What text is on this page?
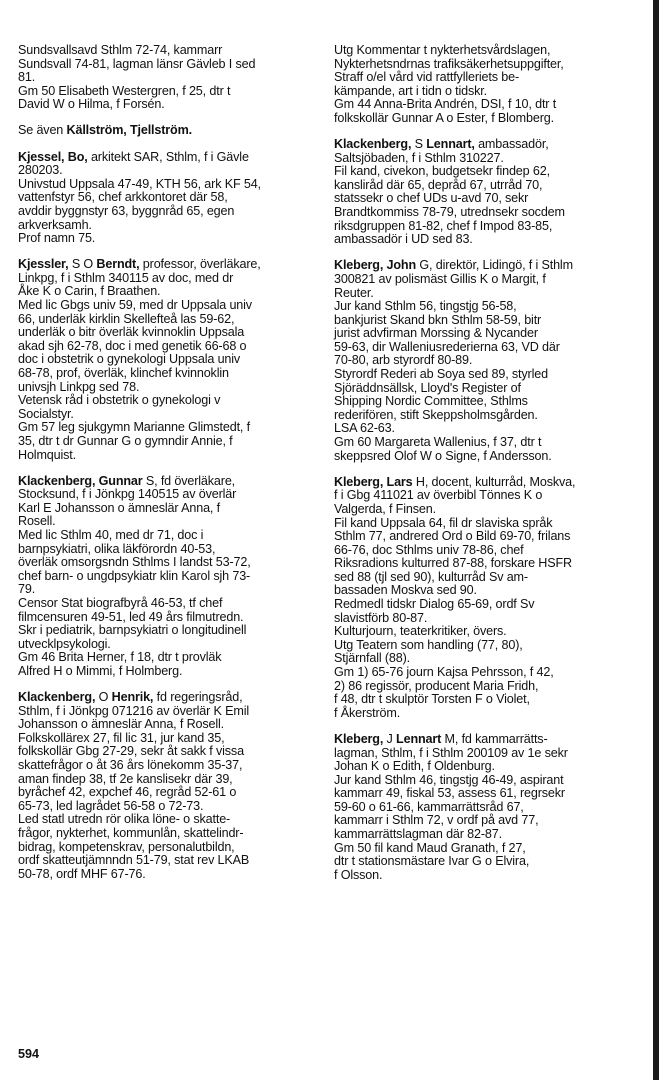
Sundsvallsavd Sthlm 72-74, kammarr
Sundsvall 74-81, lagman länsr Gävleb I sed
81.
Gm 50 Elisabeth Westergren, f 25, dtr t
David W o Hilma, f Forsén.
Se även Källström, Tjellström.
Kjessel, Bo, arkitekt SAR, Sthlm, f i Gävle
280203.
Univstud Uppsala 47-49, KTH 56, ark KF 54,
vattenfstyr 56, chef arkkontoret där 58,
avddir byggnstyr 63, byggnråd 65, egen
arkverksamh.
Prof namn 75.
Kjessler, S O Berndt, professor, överläkare,
Linkpg, f i Sthlm 340115 av doc, med dr
Åke K o Carin, f Braathen.
Med lic Gbgs univ 59, med dr Uppsala univ
66, underläk kirklin Skellefteå las 59-62,
underläk o bitr överläk kvinnoklin Uppsala
akad sjh 62-78, doc i med genetik 66-68 o
doc i obstetrik o gynekologi Uppsala univ
68-78, prof, överläk, klinchef kvinnoklin
univsjh Linkpg sed 78.
Vetensk råd i obstetrik o gynekologi v
Socialstyr.
Gm 57 leg sjukgymn Marianne Glimstedt, f
35, dtr t dr Gunnar G o gymndir Annie, f
Holmquist.
Klackenberg, Gunnar S, fd överläkare,
Stocksund, f i Jönkpg 140515 av överlär
Karl E Johansson o ämneslär Anna, f
Rosell.
Med lic Sthlm 40, med dr 71, doc i
barnpsykiatri, olika läkförordn 40-53,
överläk omsorgsndn Sthlms I landst 53-72,
chef barn- o ungdpsykiatr klin Karol sjh 73-
79.
Censor Stat biografbyrå 46-53, tf chef
filmcensuren 49-51, led 49 års filmutredn.
Skr i pediatrik, barnpsykiatri o longitudinell
utvecklpsykologi.
Gm 46 Brita Herner, f 18, dtr t provläk
Alfred H o Mimmi, f Holmberg.
Klackenberg, O Henrik, fd regeringsråd,
Sthlm, f i Jönkpg 071216 av överlär K Emil
Johansson o ämneslär Anna, f Rosell.
Folkskollärex 27, fil lic 31, jur kand 35,
folkskollär Gbg 27-29, sekr åt sakk f vissa
skattefrågor o åt 36 års lönekomm 35-37,
aman findep 38, tf 2e kanslisekr där 39,
byråchef 42, expchef 46, regråd 52-61 o
65-73, led lagrådet 56-58 o 72-73.
Led statl utredn rör olika löne- o skatte-
frågor, nykterhet, kommunlån, skattelindr-
bidrag, kompetenskrav, personalutbildn,
ordf skatteutjämnndn 51-79, stat rev LKAB
50-78, ordf MHF 67-76.
Utg Kommentar t nykterhetsvårdslagen,
Nykterhetsndrnas trafiksäkerhetsuppgifter,
Straff o/el vård vid rattfylleriets be-
kämpande, art i tidn o tidskr.
Gm 44 Anna-Brita Andrén, DSI, f 10, dtr t
folkskollär Gunnar A o Ester, f Blomberg.
Klackenberg, S Lennart, ambassadör,
Saltsjöbaden, f i Sthlm 310227.
Fil kand, civekon, budgetsekr findep 62,
kanslіråd där 65, depråd 67, utrråd 70,
statssekr o chef UDs u-avd 70, sekr
Brandtkommiss 78-79, utrednsekr socdem
riksdgruppen 81-82, chef f Impod 83-85,
ambassadör i UD sed 83.
Kleberg, John G, direktör, Lidingö, f i Sthlm
300821 av polismäst Gillis K o Margit, f
Reuter.
Jur kand Sthlm 56, tingstjg 56-58,
bankjurist Skand bkn Sthlm 58-59, bitr
jurist advfirman Morssing & Nycander
59-63, dir Walleniusrederierna 63, VD där
70-80, arb styrordf 80-89.
Styrordf Rederi ab Soya sed 89, styrled
Sjöräddnsällsk, Lloyd's Register of
Shipping Nordic Committee, Sthlms
rederifören, stift Skeppsholmsgården.
LSA 62-63.
Gm 60 Margareta Wallenius, f 37, dtr t
skeppsred Olof W o Signe, f Andersson.
Kleberg, Lars H, docent, kulturråd, Moskva,
f i Gbg 411021 av överbibl Tönnes K o
Valgerda, f Finsen.
Fil kand Uppsala 64, fil dr slaviska språk
Sthlm 77, andrered Ord o Bild 69-70, frilans
66-76, doc Sthlms univ 78-86, chef
Riksradions kulturred 87-88, forskare HSFR
sed 88 (tjl sed 90), kulturråd Sv am-
bassaden Moskva sed 90.
Redmedl tidskr Dialog 65-69, ordf Sv
slavistförb 80-87.
Kulturjourn, teaterkritiker, övers.
Utg Teatern som handling (77, 80),
Stjärnfall (88).
Gm 1) 65-76 journ Kajsa Pehrsson, f 42,
2) 86 regissör, producent Maria Fridh,
f 48, dtr t skulptör Torsten F o Violet,
f Åkerström.
Kleberg, J Lennart M, fd kammarrätts-
lagman, Sthlm, f i Sthlm 200109 av 1e sekr
Johan K o Edith, f Oldenburg.
Jur kand Sthlm 46, tingstjg 46-49, aspirant
kammarr 49, fiskal 53, assess 61, regrsekr
59-60 o 61-66, kammarrättsråd 67,
kammarr i Sthlm 72, v ordf på avd 77,
kammarrättslagman där 82-87.
Gm 50 fil kand Maud Granath, f 27,
dtr t stationsmästare Ivar G o Elvira,
f Olsson.
594
